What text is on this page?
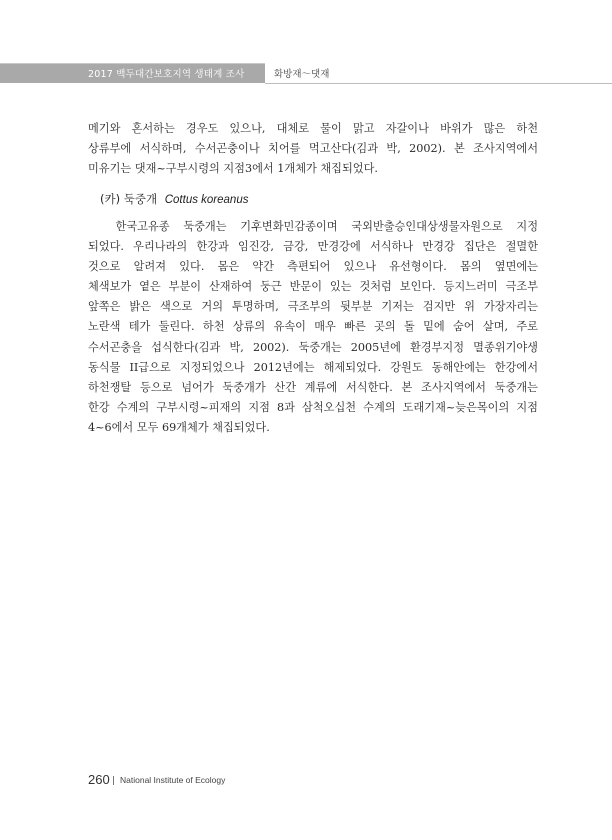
2017 백두대간보호지역 생태계 조사	화방재～댓재
메기와 혼서하는 경우도 있으나, 대체로 물이 맑고 자갈이나 바위가 많은 하천
상류부에 서식하며, 수서곤충이나 치어를 먹고산다(김과 박, 2002). 본 조사지역에서
미유기는 댓재~구부시령의 지점3에서 1개체가 채집되었다.
(카) 둑중개 Cottus koreanus
한국고유종 둑중개는 기후변화민감종이며 국외반출승인대상생물자원으로 지정
되었다. 우리나라의 한강과 임진강, 금강, 만경강에 서식하나 만경강 집단은 절멸한
것으로 알려져 있다. 몸은 약간 측편되어 있으나 유선형이다. 몸의 옆면에는
체색보가 옅은 부분이 산재하여 둥근 반문이 있는 것처럼 보인다. 등지느러미 극조부
앞쪽은 밝은 색으로 거의 투명하며, 극조부의 뒷부분 기저는 검지만 위 가장자리는
노란색 테가 둘린다. 하천 상류의 유속이 매우 빠른 곳의 돌 밑에 숨어 살며, 주로
수서곤충을 섭식한다(김과 박, 2002). 둑중개는 2005년에 환경부지정 멸종위기야생
동식물 II급으로 지정되었으나 2012년에는 해제되었다. 강원도 동해안에는 한강에서
하천쟁탈 등으로 넘어가 둑중개가 산간 계류에 서식한다. 본 조사지역에서 둑중개는
한강 수계의 구부시령~피재의 지점 8과 삼척오십천 수계의 도래기재~늦은목이의 지점
4~6에서 모두 69개체가 채집되었다.
260 National Institute of Ecology
